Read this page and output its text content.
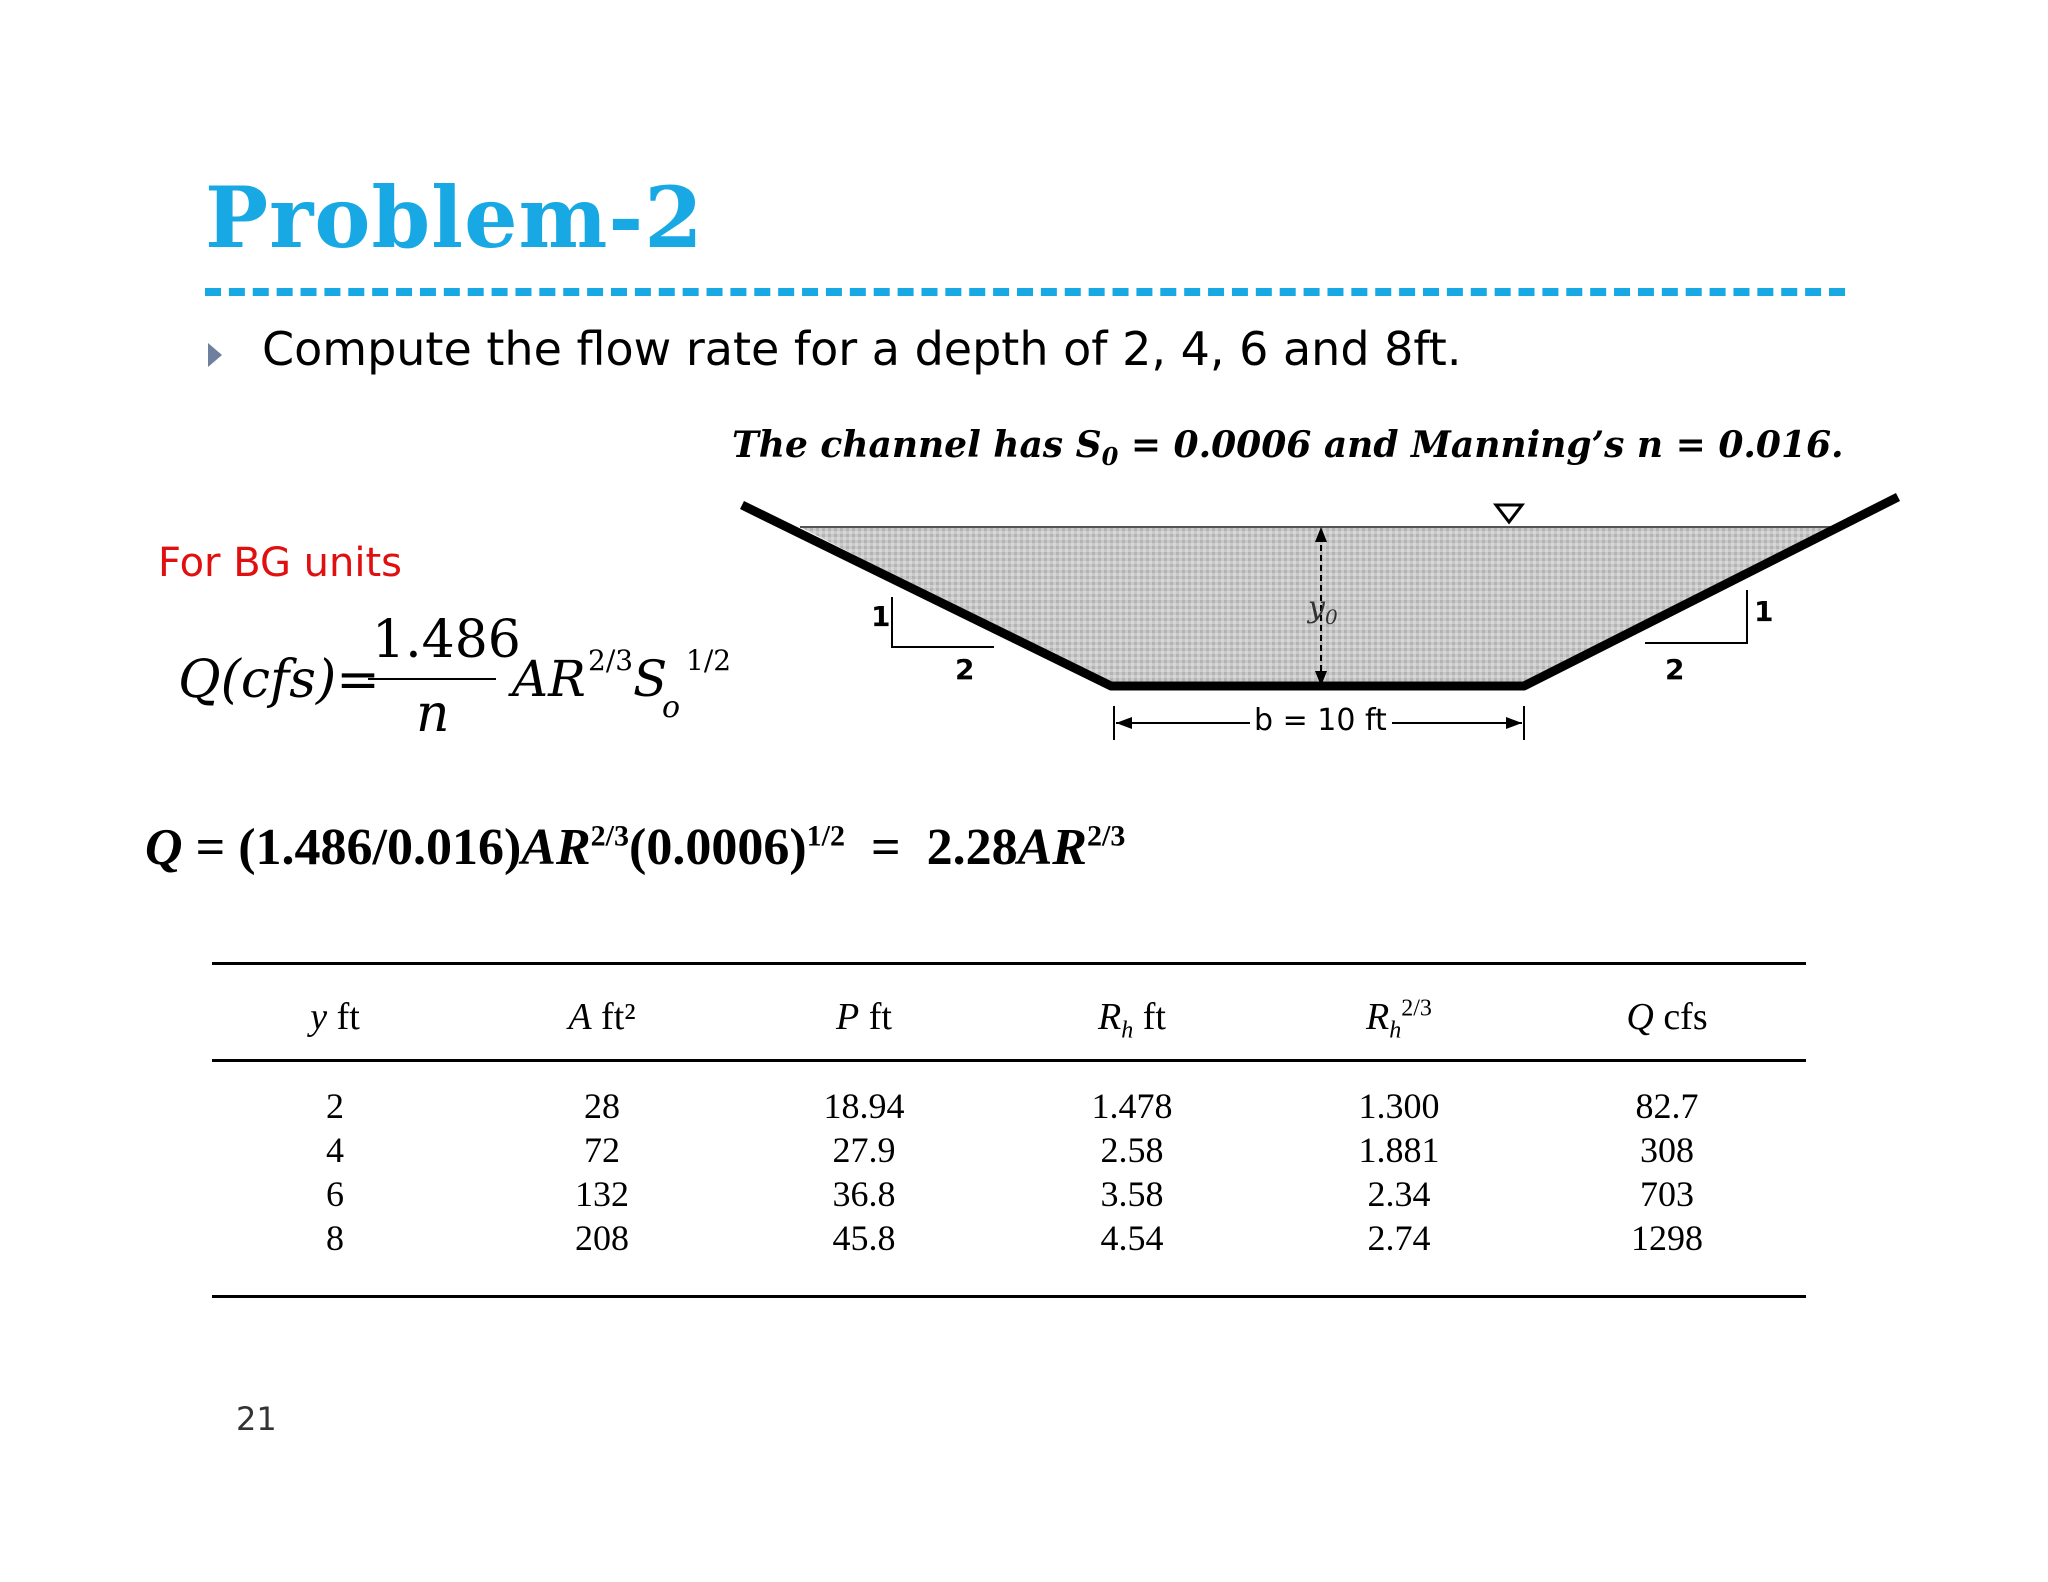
Problem-2
Compute the flow rate for a depth of 2, 4, 6 and 8ft.
The channel has $S_0 = 0.0006$ and Manning’s n = 0.016.
$y_0$
1
2
1
2
b = 10 ft
For BG units
Q(cfs)=
1.486
n
AR 2/3 S
o
1/2
$Q = (1.486/0.016)AR^{2/3}(0.0006)^{1/2} = 2.28AR^{2/3}$
y ft	A ft²	P ft	$R_h$ ft	$R_h^{2/3}$	Q cfs
2	28	18.94	1.478	1.300	82.7
4	72	27.9	2.58	1.881	308
6	132	36.8	3.58	2.34	703
8	208	45.8	4.54	2.74	1298
21
